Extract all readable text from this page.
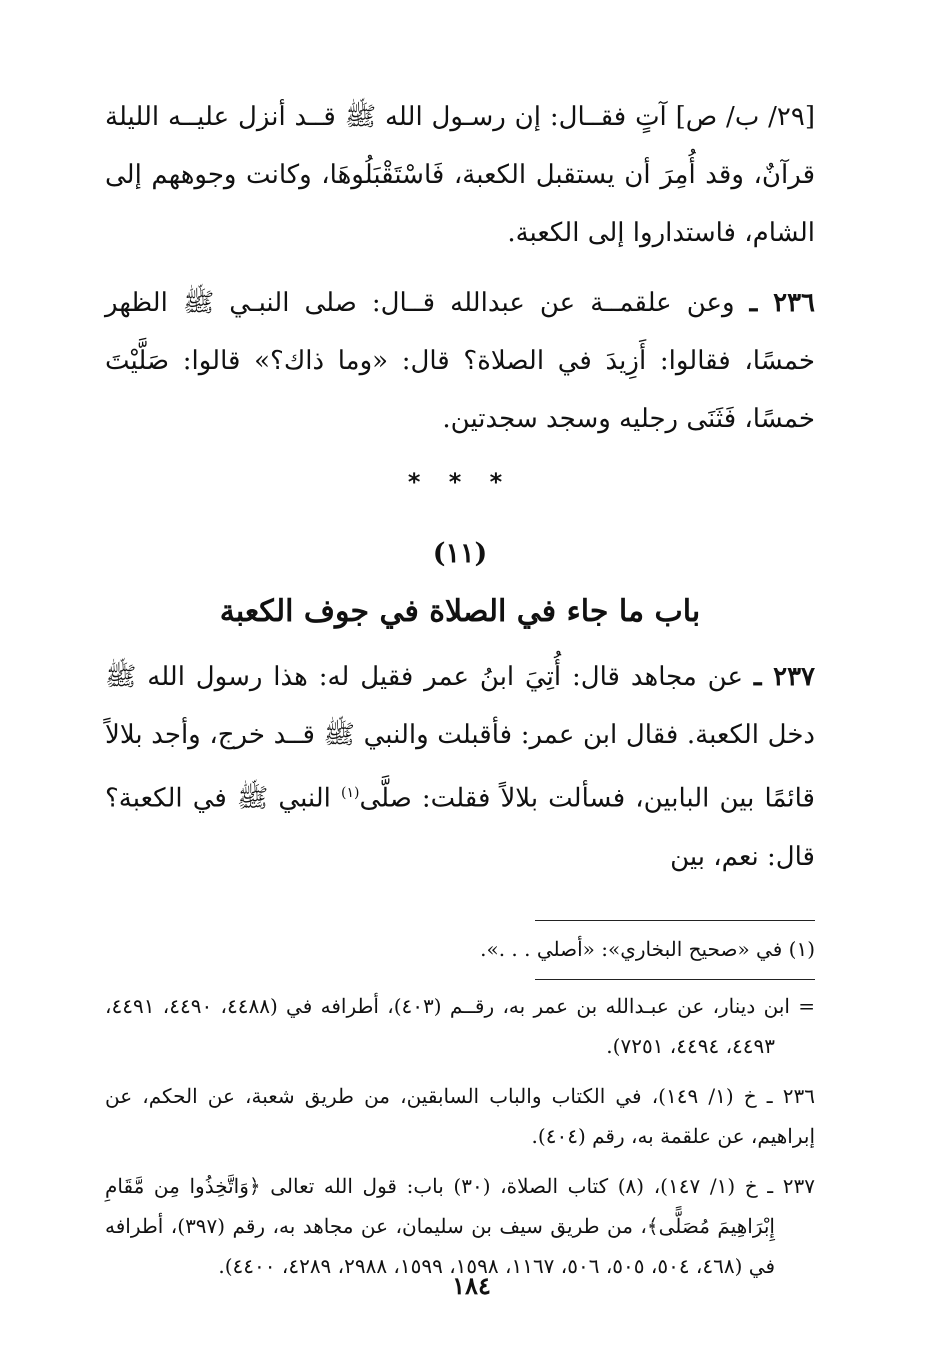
[٢٩/ ب/ ص] آتٍ فقــال: إن رسـول الله ﷺ قــد أنزل عليــه الليلة قرآنٌ، وقد أُمِرَ أن يستقبل الكعبة، فَاسْتَقْبَلُوهَا، وكانت وجوههم إلى الشام، فاستداروا إلى الكعبة.

٢٣٦ ـ وعن علقمــة عن عبدالله قــال: صلى النبـي ﷺ الظهر خمسًا، فقالوا: أَزِيدَ في الصلاة؟ قال: «وما ذاك؟» قالوا: صَلَّيْتَ خمسًا، فَثَنَى رجليه وسجد سجدتين.

* * *
(١١)
باب ما جاء في الصلاة في جوف الكعبة

٢٣٧ ـ عن مجاهد قال: أُتِيَ ابنُ عمر فقيل له: هذا رسول الله ﷺ دخل الكعبة. فقال ابن عمر: فأقبلت والنبي ﷺ قــد خرج، وأجد بلالاً قائمًا بين البابين، فسألت بلالاً فقلت: صلَّى$^{(١)}$ النبي ﷺ في الكعبة؟ قال: نعم، بين

(١) في «صحيح البخاري»: «أصلي . . .».

= ابن دينار، عن عبـدالله بن عمر به، رقــم (٤٠٣)، أطرافه في (٤٤٨٨، ٤٤٩٠، ٤٤٩١، ٤٤٩٣، ٤٤٩٤، ٧٢٥١).

٢٣٦ ـ خ (١/ ١٤٩)، في الكتاب والباب السابقين، من طريق شعبة، عن الحكم، عن إبراهيم، عن علقمة به، رقم (٤٠٤).

٢٣٧ ـ خ (١/ ١٤٧)، (٨) كتاب الصلاة، (٣٠) باب: قول الله تعالى ﴿وَاتَّخِذُوا مِن مَّقَامِ إِبْرَاهِيمَ مُصَلًّى﴾، من طريق سيف بن سليمان، عن مجاهد به، رقم (٣٩٧)، أطرافه في (٤٦٨، ٥٠٤، ٥٠٥، ٥٠٦، ١١٦٧، ١٥٩٨، ١٥٩٩، ٢٩٨٨، ٤٢٨٩، ٤٤٠٠).

١٨٤
